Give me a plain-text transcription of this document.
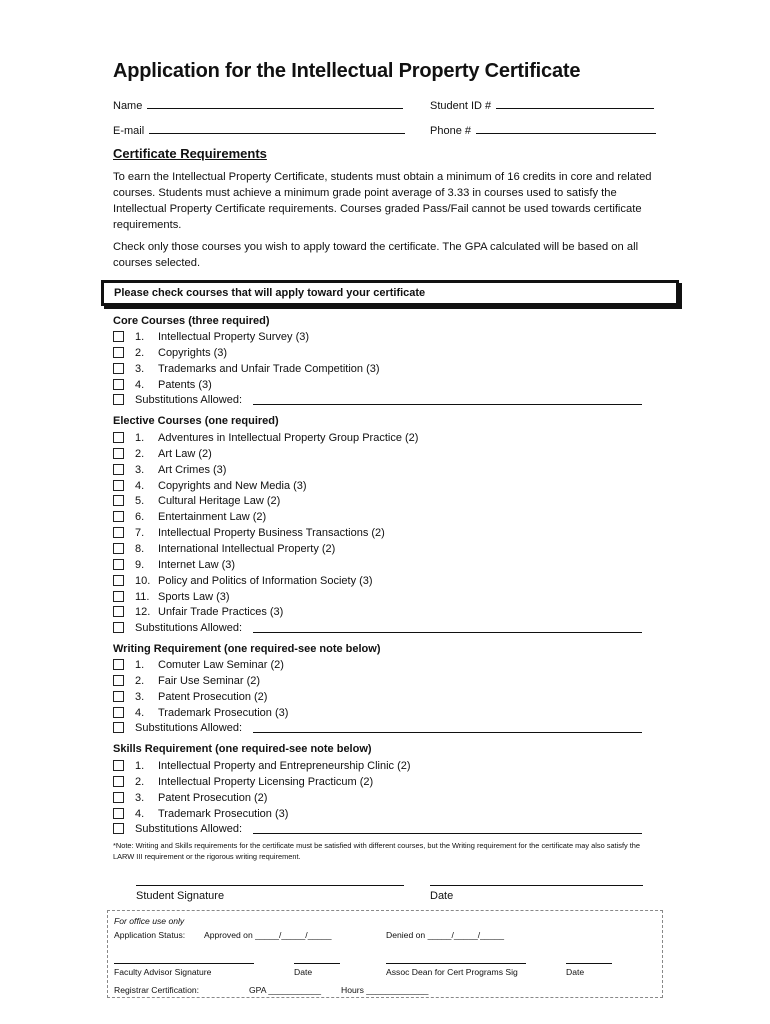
Application for the Intellectual Property Certificate
Name	Student ID #
E-mail	Phone #
Certificate Requirements
To earn the Intellectual Property Certificate, students must obtain a minimum of 16 credits in core and related courses. Students must achieve a minimum grade point average of 3.33 in courses used to satisfy the Intellectual Property Certificate requirements. Courses graded Pass/Fail cannot be used towards certificate requirements.
Check only those courses you wish to apply toward the certificate. The GPA calculated will be based on all courses selected.
Please check courses that will apply toward your certificate
Core Courses (three required)
1. Intellectual Property Survey (3)
2. Copyrights (3)
3. Trademarks and Unfair Trade Competition (3)
4. Patents (3)
Substitutions Allowed:
Elective Courses (one required)
1. Adventures in Intellectual Property Group Practice (2)
2. Art Law (2)
3. Art Crimes (3)
4. Copyrights and New Media (3)
5. Cultural Heritage Law (2)
6. Entertainment Law (2)
7. Intellectual Property Business Transactions (2)
8. International Intellectual Property (2)
9. Internet Law (3)
10. Policy and Politics of Information Society (3)
11. Sports Law (3)
12. Unfair Trade Practices (3)
Substitutions Allowed:
Writing Requirement (one required-see note below)
1. Comuter Law Seminar (2)
2. Fair Use Seminar (2)
3. Patent Prosecution (2)
4. Trademark Prosecution (3)
Substitutions Allowed:
Skills Requirement (one required-see note below)
1. Intellectual Property and Entrepreneurship Clinic (2)
2. Intellectual Property Licensing Practicum (2)
3. Patent Prosecution (2)
4. Trademark Prosecution (3)
Substitutions Allowed:
*Note: Writing and Skills requirements for the certificate must be satisfied with different courses, but the Writing requirement for the certificate may also satisfy the LARW III requirement or the rigorous writing requirement.
Student Signature	Date
For office use only
Application Status: Approved on _____/_____/_____	Denied on _____/_____/_____
Faculty Advisor Signature	Date	Assoc Dean for Cert Programs Sig	Date
Registrar Certification:	GPA ___________ Hours _____________
